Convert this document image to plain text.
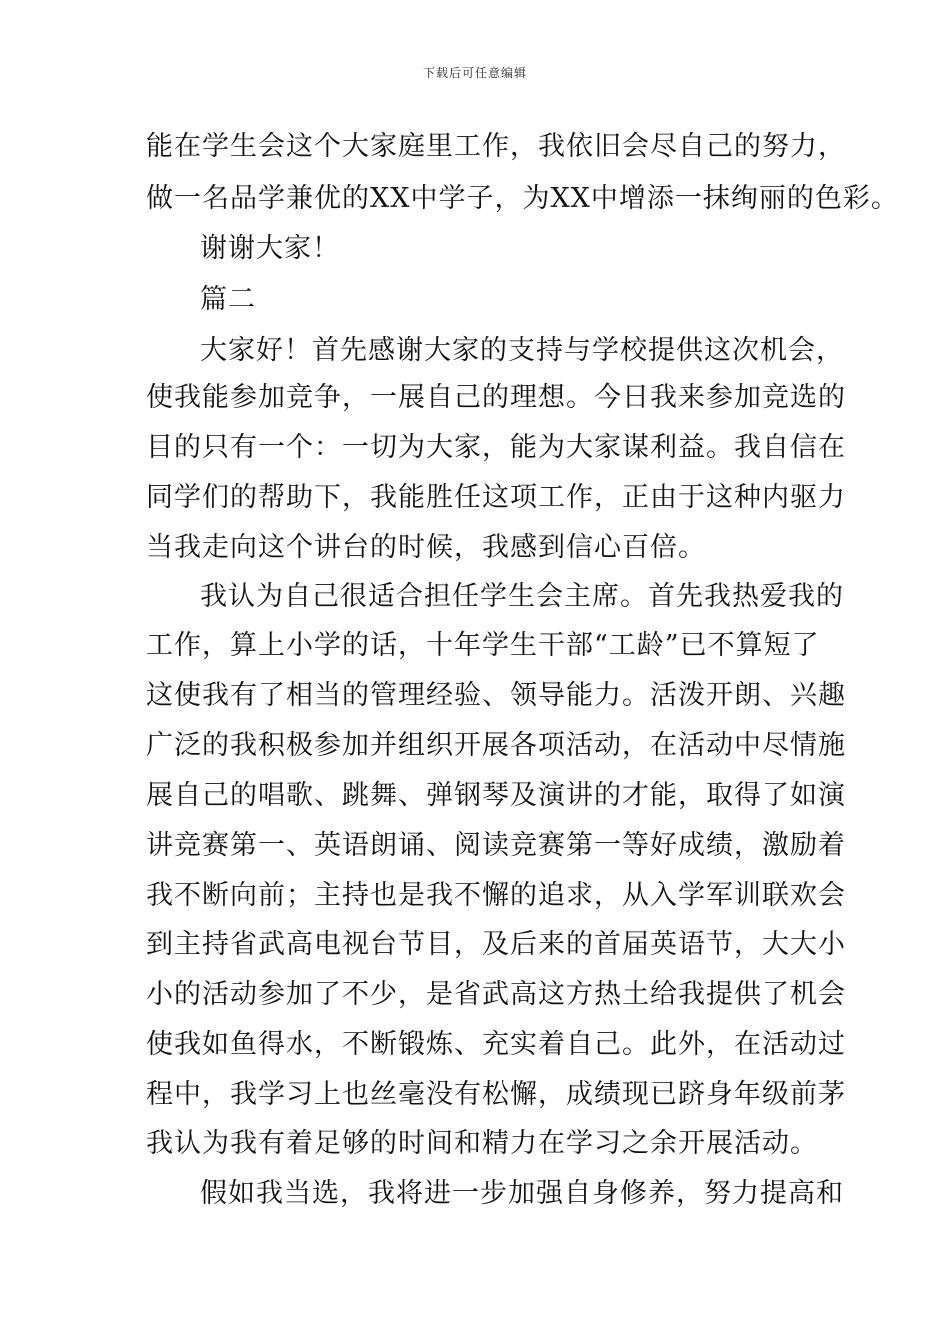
下载后可任意编辑
能在学生会这个大家庭里工作，我依旧会尽自己的努力，
做一名品学兼优的XX中学子，为XX中增添一抹绚丽的色彩。
谢谢大家！
篇二
大家好！首先感谢大家的支持与学校提供这次机会，
使我能参加竞争，一展自己的理想。今日我来参加竞选的
目的只有一个：一切为大家，能为大家谋利益。我自信在
同学们的帮助下，我能胜任这项工作，正由于这种内驱力
当我走向这个讲台的时候，我感到信心百倍。
我认为自己很适合担任学生会主席。首先我热爱我的
工作，算上小学的话，十年学生干部“工龄”已不算短了
这使我有了相当的管理经验、领导能力。活泼开朗、兴趣
广泛的我积极参加并组织开展各项活动，在活动中尽情施
展自己的唱歌、跳舞、弹钢琴及演讲的才能，取得了如演
讲竞赛第一、英语朗诵、阅读竞赛第一等好成绩，激励着
我不断向前；主持也是我不懈的追求，从入学军训联欢会
到主持省武高电视台节目，及后来的首届英语节，大大小
小的活动参加了不少，是省武高这方热土给我提供了机会
使我如鱼得水，不断锻炼、充实着自己。此外，在活动过
程中，我学习上也丝毫没有松懈，成绩现已跻身年级前茅
我认为我有着足够的时间和精力在学习之余开展活动。
假如我当选，我将进一步加强自身修养，努力提高和
